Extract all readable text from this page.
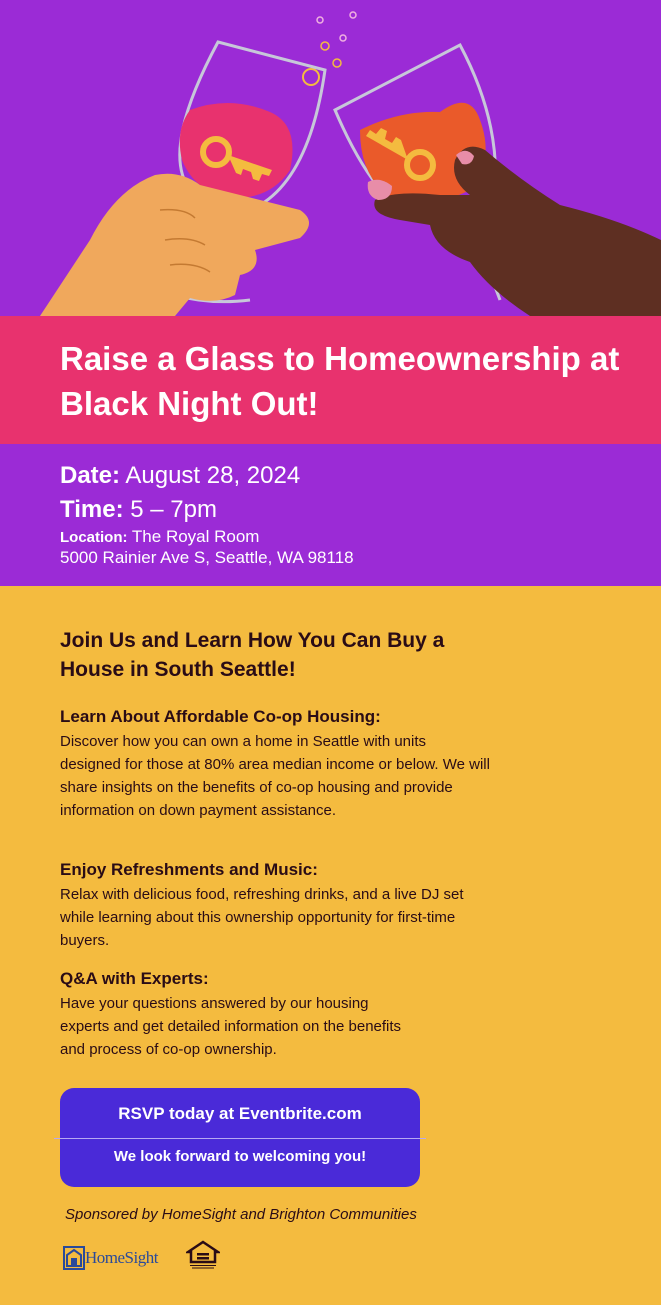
Raise a Glass to Homeownership at Black Night Out!
Date: August 28, 2024
Time: 5 – 7pm
Location: The Royal Room
5000 Rainier Ave S, Seattle, WA 98118
Join Us and Learn How You Can Buy a House in South Seattle!
Learn About Affordable Co-op Housing:

Discover how you can own a home in Seattle with units designed for those at 80% area median income or below. We will share insights on the benefits of co-op housing and provide information on down payment assistance.

Enjoy Refreshments and Music:

Relax with delicious food, refreshing drinks, and a live DJ set while learning about this ownership opportunity for first-time buyers.

Q&A with Experts:

Have your questions answered by our housing experts and get detailed information on the benefits and process of co-op ownership.

RSVP today at Eventbrite.com
We look forward to welcoming you!
Sponsored by HomeSight and Brighton Communities
HomeSight
